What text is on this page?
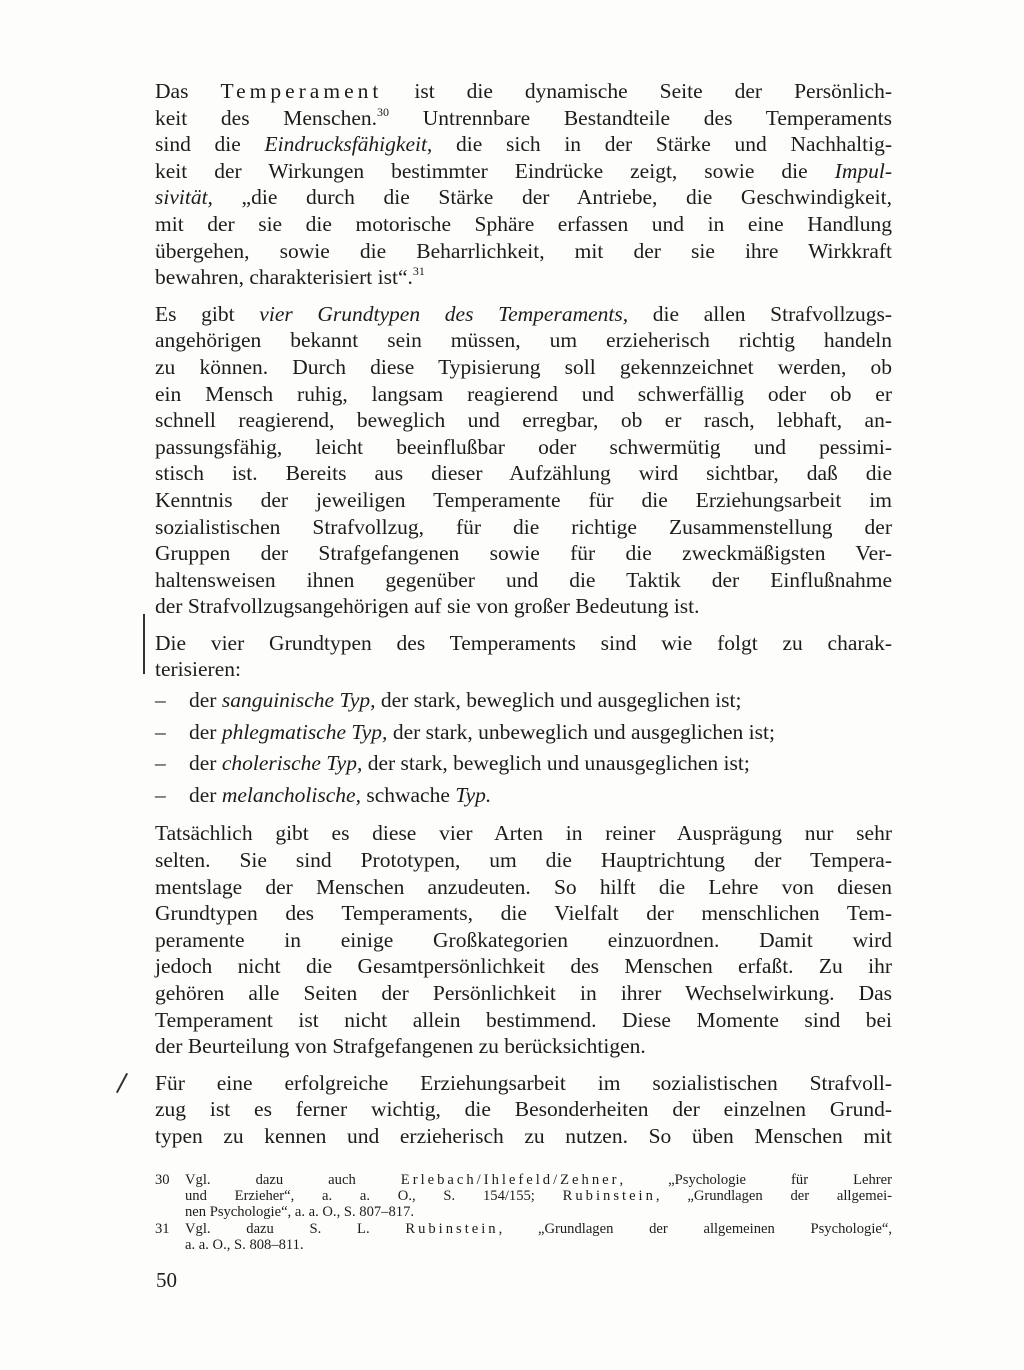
Das Temperament ist die dynamische Seite der Persönlich-
keit des Menschen.$^{30}$ Untrennbare Bestandteile des Temperaments
sind die Eindrucksfähigkeit, die sich in der Stärke und Nachhaltig-
keit der Wirkungen bestimmter Eindrücke zeigt, sowie die Impul-
sivität, „die durch die Stärke der Antriebe, die Geschwindigkeit,
mit der sie die motorische Sphäre erfassen und in eine Handlung
übergehen, sowie die Beharrlichkeit, mit der sie ihre Wirkkraft
bewahren, charakterisiert ist“.$^{31}$

Es gibt vier Grundtypen des Temperaments, die allen Strafvollzugs-
angehörigen bekannt sein müssen, um erzieherisch richtig handeln
zu können. Durch diese Typisierung soll gekennzeichnet werden, ob
ein Mensch ruhig, langsam reagierend und schwerfällig oder ob er
schnell reagierend, beweglich und erregbar, ob er rasch, lebhaft, an-
passungsfähig, leicht beeinflußbar oder schwermütig und pessimi-
stisch ist. Bereits aus dieser Aufzählung wird sichtbar, daß die
Kenntnis der jeweiligen Temperamente für die Erziehungsarbeit im
sozialistischen Strafvollzug, für die richtige Zusammenstellung der
Gruppen der Strafgefangenen sowie für die zweckmäßigsten Ver-
haltensweisen ihnen gegenüber und die Taktik der Einflußnahme
der Strafvollzugsangehörigen auf sie von großer Bedeutung ist.

Die vier Grundtypen des Temperaments sind wie folgt zu charak-
terisieren:

– der sanguinische Typ, der stark, beweglich und ausgeglichen ist;
– der phlegmatische Typ, der stark, unbeweglich und ausgeglichen ist;
– der cholerische Typ, der stark, beweglich und unausgeglichen ist;
– der melancholische, schwache Typ.

Tatsächlich gibt es diese vier Arten in reiner Ausprägung nur sehr
selten. Sie sind Prototypen, um die Hauptrichtung der Tempera-
mentslage der Menschen anzudeuten. So hilft die Lehre von diesen
Grundtypen des Temperaments, die Vielfalt der menschlichen Tem-
peramente in einige Großkategorien einzuordnen. Damit wird
jedoch nicht die Gesamtpersönlichkeit des Menschen erfaßt. Zu ihr
gehören alle Seiten der Persönlichkeit in ihrer Wechselwirkung. Das
Temperament ist nicht allein bestimmend. Diese Momente sind bei
der Beurteilung von Strafgefangenen zu berücksichtigen.

Für eine erfolgreiche Erziehungsarbeit im sozialistischen Strafvoll-
zug ist es ferner wichtig, die Besonderheiten der einzelnen Grund-
typen zu kennen und erzieherisch zu nutzen. So üben Menschen mit

30 Vgl. dazu auch Erlebach/Ihlefeld/Zehner, „Psychologie für Lehrer
und Erzieher“, a. a. O., S. 154/155; Rubinstein, „Grundlagen der allgemei-
nen Psychologie“, a. a. O., S. 807–817.
31 Vgl. dazu S. L. Rubinstein, „Grundlagen der allgemeinen Psychologie“,
a. a. O., S. 808–811.
50
